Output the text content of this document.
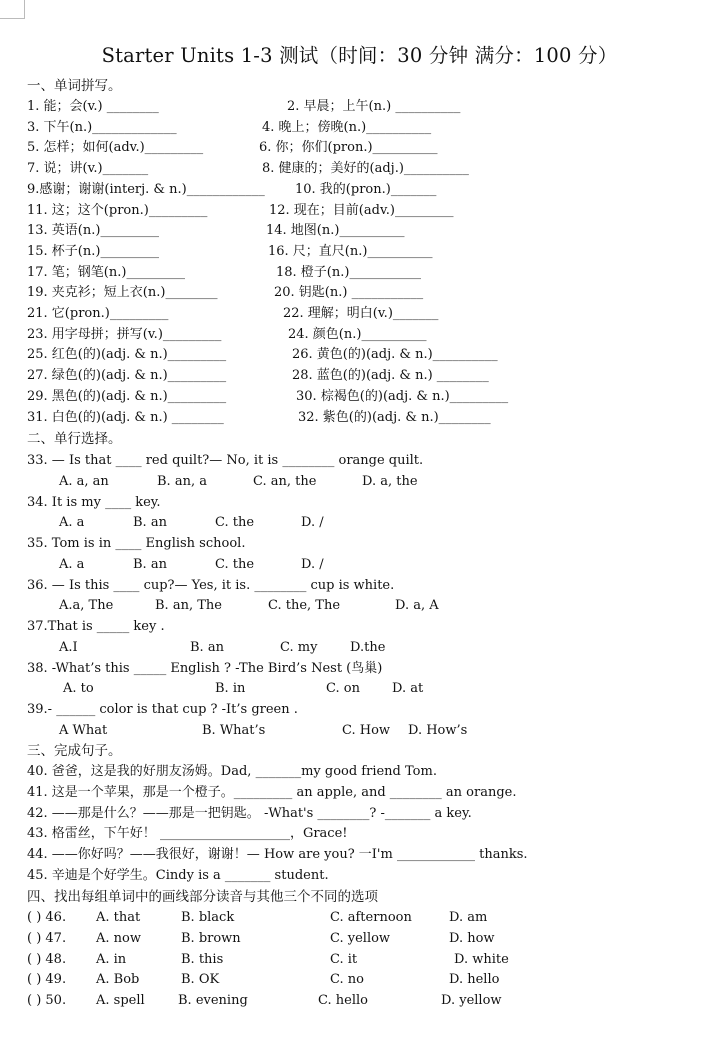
Starter Units 1-3 测试（时间：30 分钟 满分：100 分）
一、单词拼写。
1. 能；会(v.) ________	2. 早晨；上午(n.) __________
3. 下午(n.)_____________	4. 晚上；傍晚(n.)__________
5. 怎样；如何(adv.)_________	6. 你；你们(pron.)__________
7. 说；讲(v.)_______	8. 健康的；美好的(adj.)__________
9.感谢；谢谢(interj. & n.)____________ 10. 我的(pron.)_______
11. 这；这个(pron.)_________	12. 现在；目前(adv.)_________
13. 英语(n.)_________	14. 地图(n.)__________
15. 杯子(n.)_________	16. 尺；直尺(n.)__________
17. 笔；钢笔(n.)_________	18. 橙子(n.)___________
19. 夹克衫；短上衣(n.)________	20. 钥匙(n.) ___________
21. 它(pron.)_________	22. 理解；明白(v.)_______
23. 用字母拼；拼写(v.)_________	24. 颜色(n.)__________
25. 红色(的)(adj. & n.)_________	26. 黄色(的)(adj. & n.)__________
27. 绿色(的)(adj. & n.)_________	28. 蓝色(的)(adj. & n.) ________
29. 黑色(的)(adj. & n.)_________	30. 棕褐色(的)(adj. & n.)_________
31. 白色(的)(adj. & n.) ________	32. 紫色(的)(adj. & n.)________
二、单行选择。
33. — Is that ____ red quilt?— No, it is ________ orange quilt.
A. a, an	B. an, a	C. an, the	D. a, the
34. It is my ____ key.
A. a	B. an	C. the	D. /
35. Tom is in ____ English school.
A. a	B. an	C. the	D. /
36. — Is this ____ cup?— Yes, it is. ________ cup is white.
A.a, The	B. an, The	C. the, The	D. a, A
37.That is _____ key .
A.I	B. an	C. my	D.the
38. -What’s this _____ English ? -The Bird’s Nest (鸟巢)
A. to	B. in	C. on D. at
39.- ______ color is that cup ? -It’s green .
A What	B. What’s	C. How D. How’s
三、完成句子。
40. 爸爸，这是我的好朋友汤姆。Dad, _______my good friend Tom.
41. 这是一个苹果，那是一个橙子。_________ an apple, and ________ an orange.
42. ——那是什么？——那是一把钥匙。 -What's ________? -_______ a key.
43. 格雷丝，下午好！ ____________________，Grace!
44. ——你好吗？——我很好，谢谢！— How are you? 一I'm ____________ thanks.
45. 辛迪是个好学生。Cindy is a _______ student.
四、找出每组单词中的画线部分读音与其他三个不同的选项
( ) 46. A. that	B. black	C. afternoon	D. am
( ) 47. A. now	B. brown	C. yellow	D. how
( ) 48. A. in	B. this	C. it	D. white
( ) 49. A. Bob	B. OK	C. no	D. hello
( ) 50. A. spell	B. evening	C. hello	D. yellow
